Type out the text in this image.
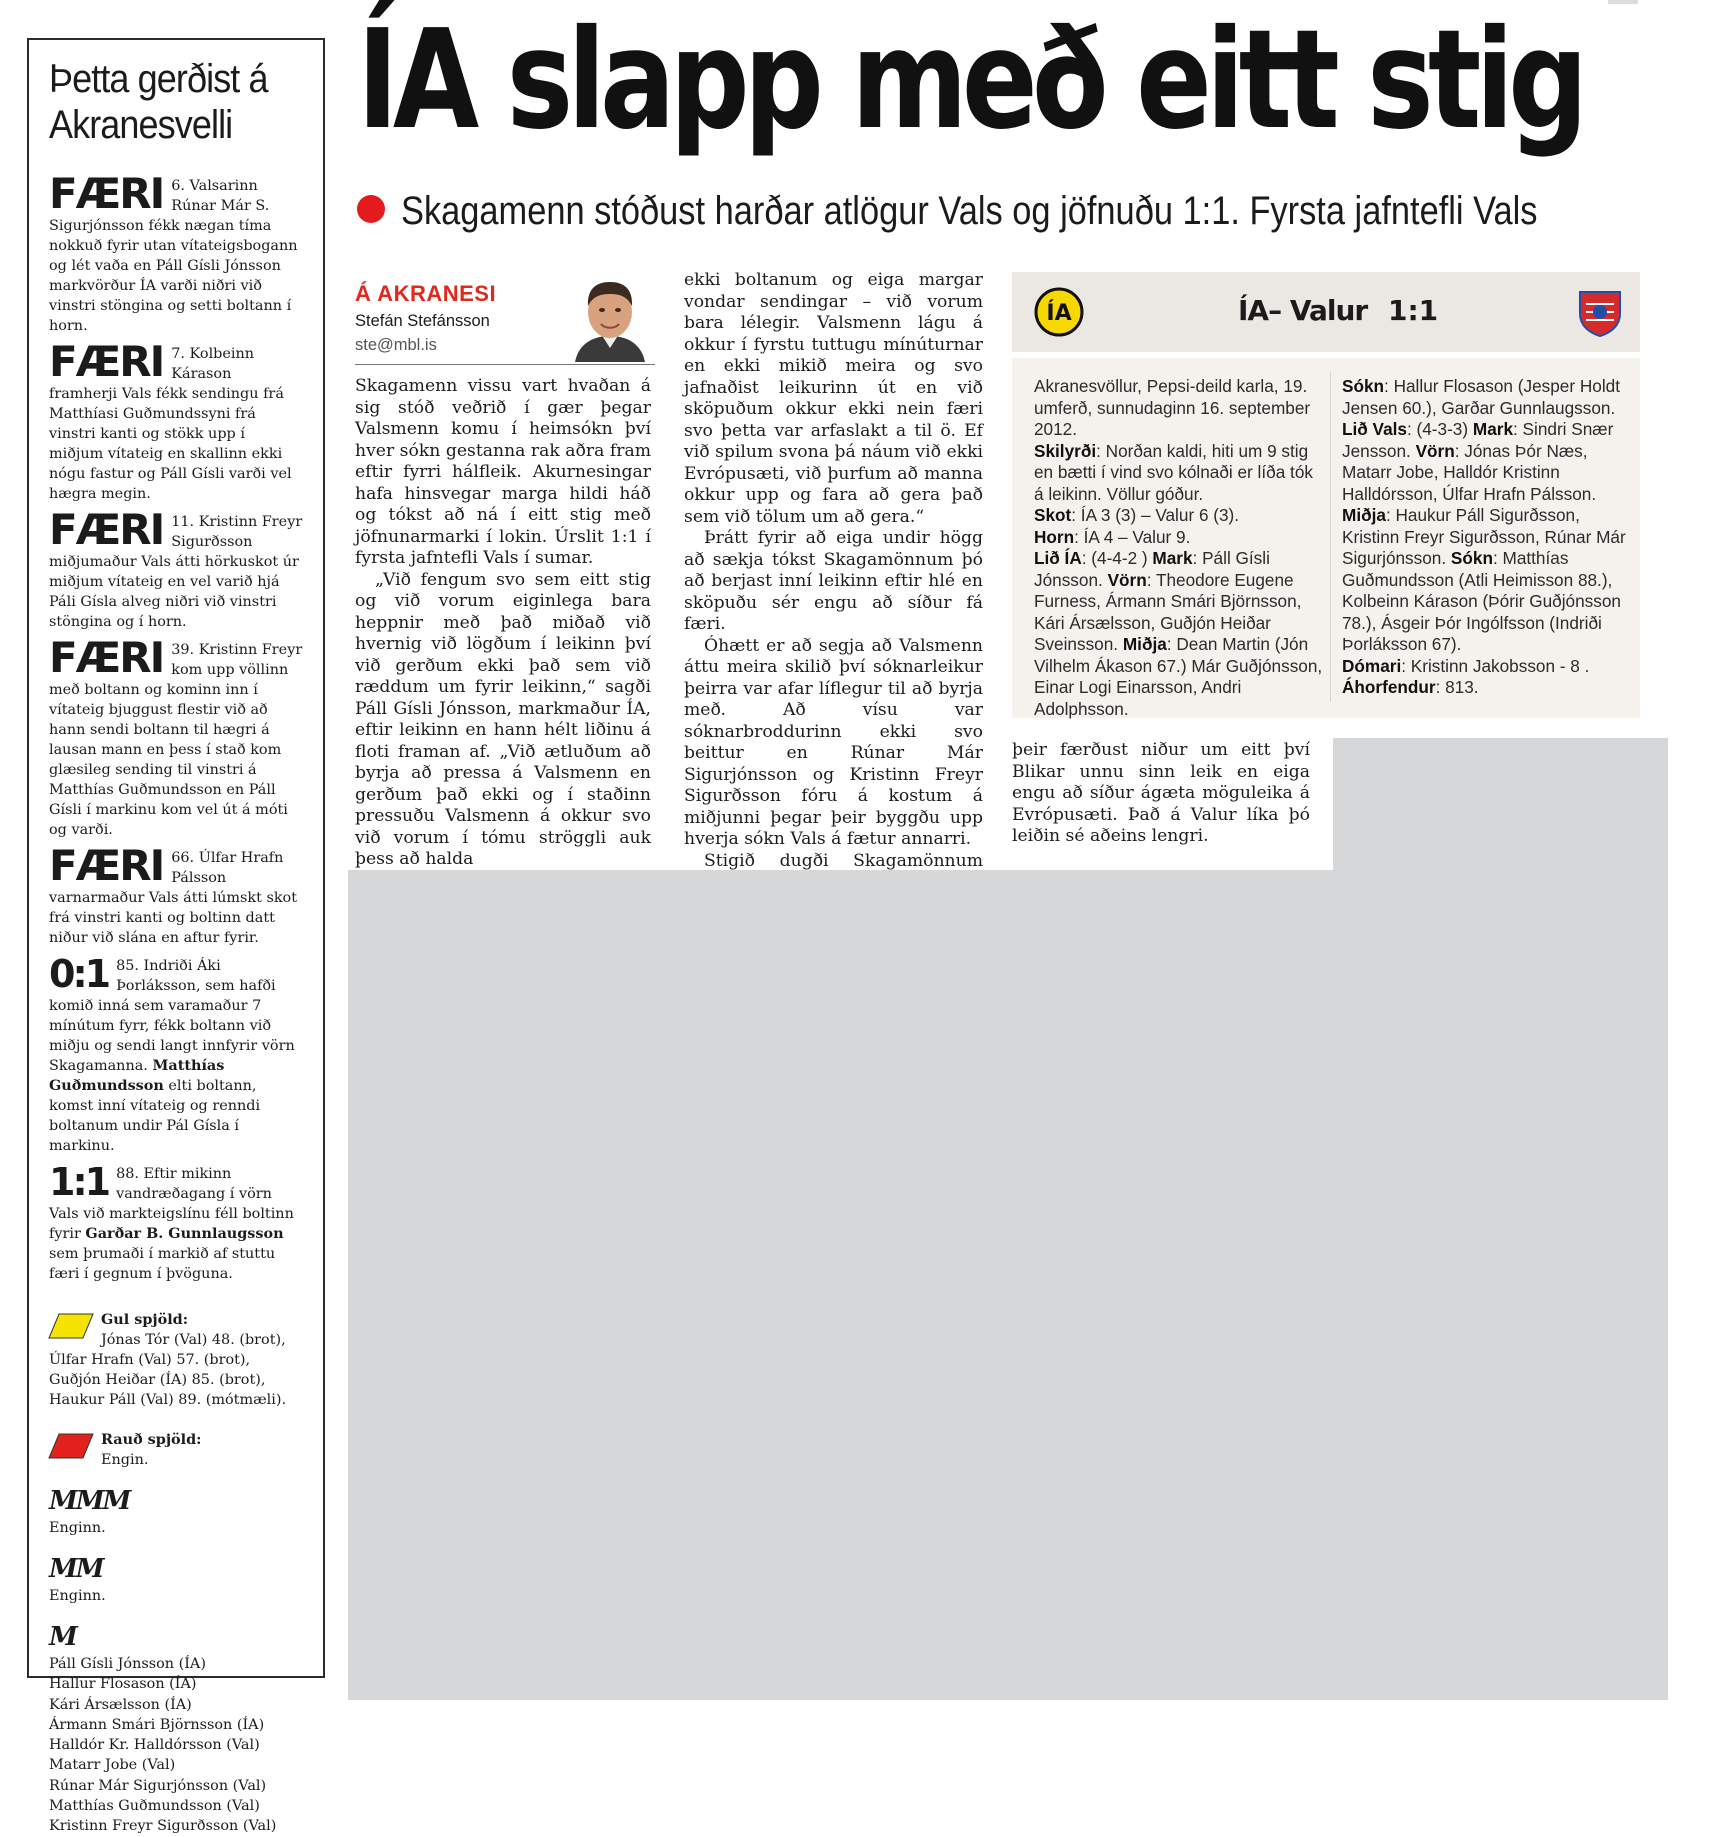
Þetta gerðist á
Akranesvelli
FÆRI 6. Valsarinn Rúnar Már S. Sigurjónsson fékk nægan tíma nokkuð fyrir utan vítateigsbogann og lét vaða en Páll Gísli Jónsson markvörður ÍA varði niðri við vinstri stöngina og setti boltann í horn.
FÆRI 7. Kolbeinn Kárason framherji Vals fékk sendingu frá Matthíasi Guðmundssyni frá vinstri kanti og stökk upp í miðjum vítateig en skallinn ekki nógu fastur og Páll Gísli varði vel hægra megin.
FÆRI 11. Kristinn Freyr Sigurðsson miðjumaður Vals átti hörkuskot úr miðjum vítateig en vel varið hjá Páli Gísla alveg niðri við vinstri stöngina og í horn.
FÆRI 39. Kristinn Freyr kom upp völlinn með boltann og kominn inn í vítateig bjuggust flestir við að hann sendi boltann til hægri á lausan mann en þess í stað kom glæsileg sending til vinstri á Matthías Guðmundsson en Páll Gísli í markinu kom vel út á móti og varði.
FÆRI 66. Úlfar Hrafn Pálsson varnarmaður Vals átti lúmskt skot frá vinstri kanti og boltinn datt niður við slána en aftur fyrir.
0:1 85. Indriði Áki Þorláksson, sem hafði komið inná sem varamaður 7 mínútum fyrr, fékk boltann við miðju og sendi langt innfyrir vörn Skagamanna. Matthías Guðmundsson elti boltann, komst inní vítateig og renndi boltanum undir Pál Gísla í markinu.
1:1 88. Eftir mikinn vandræðagang í vörn Vals við markteigslínu féll boltinn fyrir Garðar B. Gunnlaugsson sem þrumaði í markið af stuttu færi í gegnum í þvöguna.
Gul spjöld:
Jónas Tór (Val) 48. (brot), Úlfar Hrafn (Val) 57. (brot), Guðjón Heiðar (ÍA) 85. (brot), Haukur Páll (Val) 89. (mótmæli).
Rauð spjöld:
Engin.
MMM
Enginn.
MM
Enginn.
M
Páll Gísli Jónsson (ÍA)
Hallur Flosason (ÍA)
Kári Ársælsson (ÍA)
Ármann Smári Björnsson (ÍA)
Halldór Kr. Halldórsson (Val)
Matarr Jobe (Val)
Rúnar Már Sigurjónsson (Val)
Matthías Guðmundsson (Val)
Kristinn Freyr Sigurðsson (Val)
ÍA slapp með eitt stig
Skagamenn stóðust harðar atlögur Vals og jöfnuðu 1:1. Fyrsta jafntefli Vals
Á AKRANESI
Stefán Stefánsson
ste@mbl.is

Skagamenn vissu vart hvaðan á sig stóð veðrið í gær þegar Valsmenn komu í heimsókn því hver sókn gestanna rak aðra fram eftir fyrri hálfleik. Akurnesingar hafa hinsvegar marga hildi háð og tókst að ná í eitt stig með jöfnunarmarki í lokin. Úrslit 1:1 í fyrsta jafntefli Vals í sumar.

„Við fengum svo sem eitt stig og við vorum eiginlega bara heppnir með það miðað við hvernig við lögðum í leikinn því við gerðum ekki það sem við ræddum um fyrir leikinn,“ sagði Páll Gísli Jónsson, markmaður ÍA, eftir leikinn en hann hélt liðinu á floti framan af. „Við ætluðum að byrja að pressa á Valsmenn en gerðum það ekki og í staðinn pressuðu Valsmenn á okkur svo við vorum í tómu ströggli auk þess að halda

ekki boltanum og eiga margar vondar sendingar – við vorum bara lélegir. Valsmenn lágu á okkur í fyrstu tuttugu mínúturnar en ekki mikið meira og svo jafnaðist leikurinn út en við sköpuðum okkur ekki nein færi svo þetta var arfaslakt a til ö. Ef við spilum svona þá náum við ekki Evrópusæti, við þurfum að manna okkur upp og fara að gera það sem við tölum um að gera.“

Þrátt fyrir að eiga undir högg að sækja tókst Skagamönnum þó að berjast inní leikinn eftir hlé en sköpuðu sér engu að síður fá færi.

Óhætt er að segja að Valsmenn áttu meira skilið því sóknarleikur þeirra var afar líflegur til að byrja með. Að vísu var sóknarbroddurinn ekki svo beittur en Rúnar Már Sigurjónsson og Kristinn Freyr Sigurðsson fóru á kostum á miðjunni þegar þeir byggðu upp hverja sókn Vals á fætur annarri.

Stigið dugði Skagamönnum

ÍA	ÍA– Valur 1:1
Akranesvöllur, Pepsi-deild karla, 19. umferð, sunnudaginn 16. september 2012.
Skilyrði: Norðan kaldi, hiti um 9 stig en bætti í vind svo kólnaði er líða tók á leikinn. Völlur góður.
Skot: ÍA 3 (3) – Valur 6 (3).
Horn: ÍA 4 – Valur 9.
Lið ÍA: (4-4-2 ) Mark: Páll Gísli Jónsson. Vörn: Theodore Eugene Furness, Ármann Smári Björnsson, Kári Ársælsson, Guðjón Heiðar Sveinsson. Miðja: Dean Martin (Jón Vilhelm Ákason 67.) Már Guðjónsson, Einar Logi Einarsson, Andri Adolphsson.
Sókn: Hallur Flosason (Jesper Holdt Jensen 60.), Garðar Gunnlaugsson.
Lið Vals: (4-3-3) Mark: Sindri Snær Jensson. Vörn: Jónas Þór Næs, Matarr Jobe, Halldór Kristinn Halldórsson, Úlfar Hrafn Pálsson. Miðja: Haukur Páll Sigurðsson, Kristinn Freyr Sigurðsson, Rúnar Már Sigurjónsson. Sókn: Matthías Guðmundsson (Atli Heimisson 88.), Kolbeinn Kárason (Þórir Guðjónsson 78.), Ásgeir Þór Ingólfsson (Indriði Þorláksson 67).
Dómari: Kristinn Jakobsson - 8 .
Áhorfendur: 813.

þeir færðust niður um eitt því Blikar unnu sinn leik en eiga engu að síður ágæta möguleika á Evrópusæti. Það á Valur líka þó leiðin sé aðeins lengri.
